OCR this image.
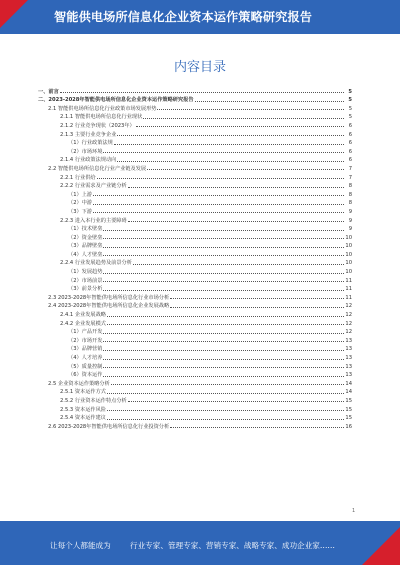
智能供电场所信息化企业资本运作策略研究报告
内容目录
一、前言	5
二、2023-2028年智能供电场所信息化企业资本运作策略研究报告	5
2.1 智能供电场所信息化行业政策市场发展形势	5
2.1.1 智能供电场所信息化行业现状	5
2.1.2 行业竞争现状（2023年）	6
2.1.3 主要行业竞争企业	6
（1）行业政策法规	6
（2）市场环境	6
2.1.4 行业政策法规动向	6
2.2 智能供电场所信息化行业产业链及发展	7
2.2.1 行业供给	7
2.2.2 行业需求及产业链分析	8
（1）上游	8
（2）中游	8
（3）下游	9
2.2.3 进入本行业的主要障碍	9
（1）技术壁垒	9
（2）资金壁垒	10
（3）品牌壁垒	10
（4）人才壁垒	10
2.2.4 行业发展趋势及前景分析	10
（1）发展趋势	10
（2）市场前景	11
（3）前景分析	11
2.3 2023-2028年智能供电场所信息化行业市场分析	11
2.4 2023-2028年智能供电场所信息化企业发展战略	12
2.4.1 企业发展战略	12
2.4.2 企业发展模式	12
（1）产品开发	12
（2）市场开发	13
（3）品牌营销	13
（4）人才培养	13
（5）质量控制	13
（6）资本运作	13
2.5 企业资本运作策略分析	14
2.5.1 资本运作方式	14
2.5.2 行业资本运作特点分析	15
2.5.3 资本运作风险	15
2.5.4 资本运作建议	15
2.6 2023-2028年智能供电场所信息化行业投资分析	16
1
让每个人都能成为	行业专家、管理专家、营销专家、战略专家、成功企业家……
